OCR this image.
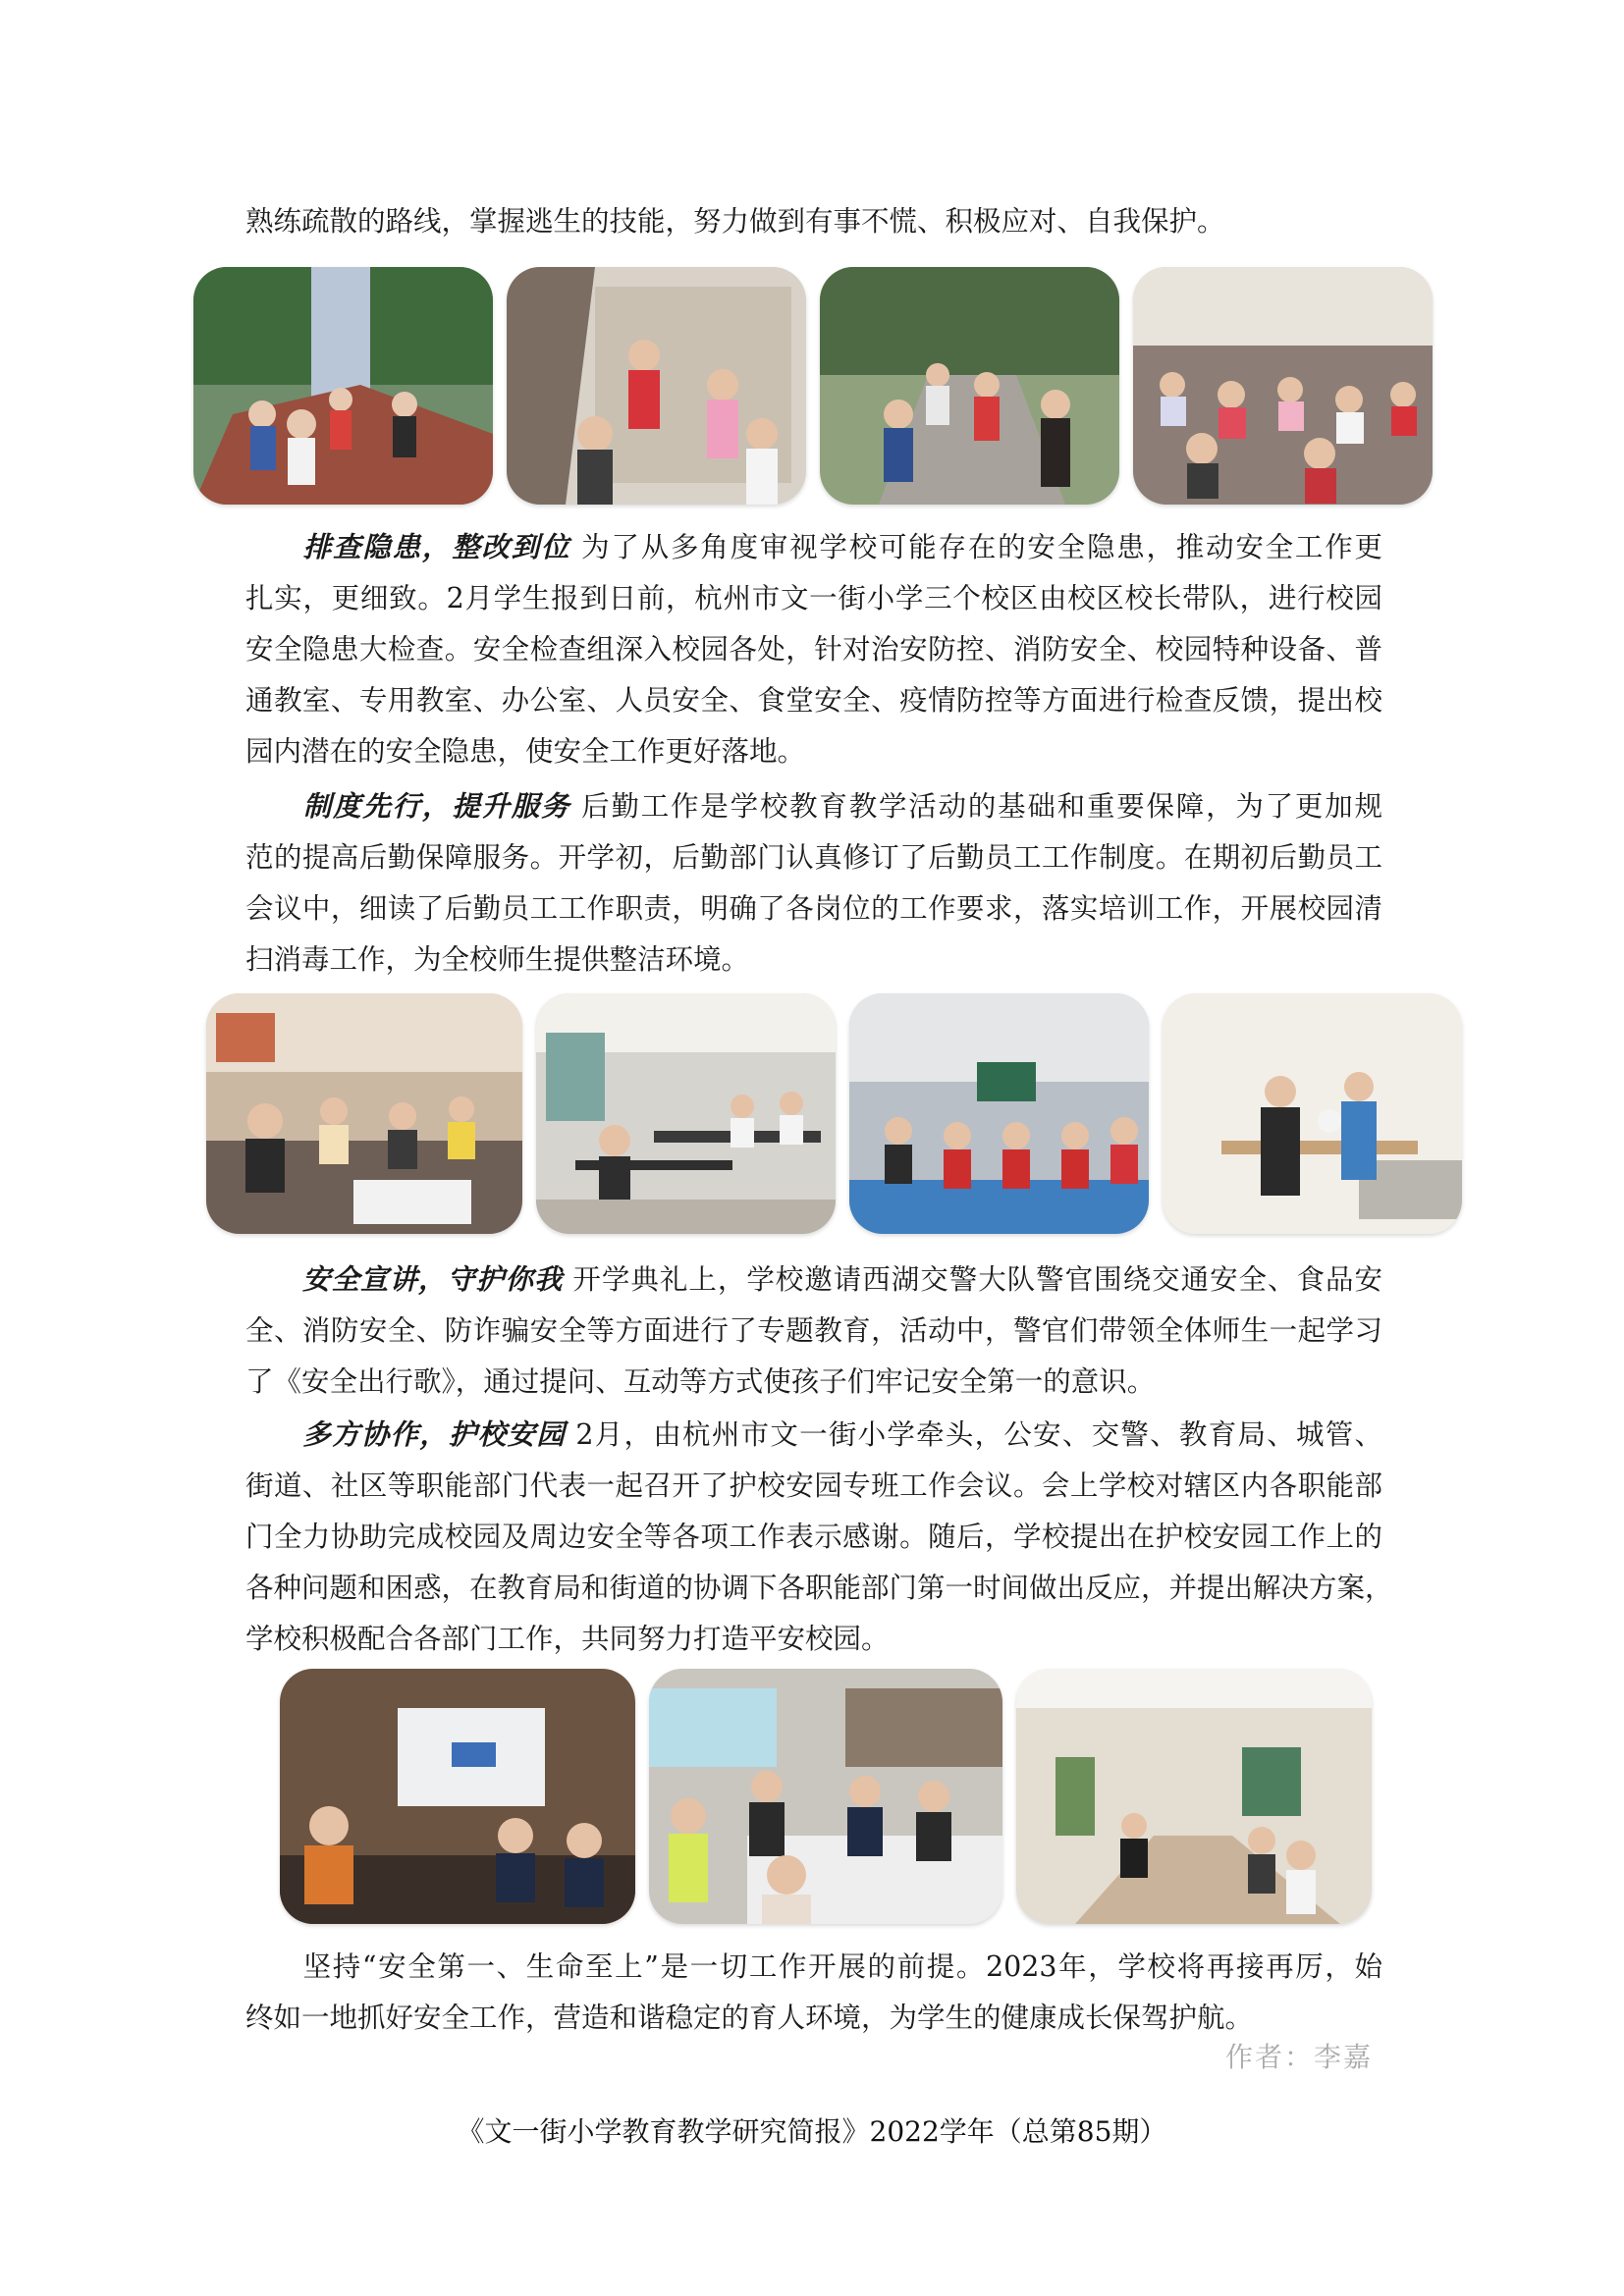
熟练疏散的路线，掌握逃生的技能，努力做到有事不慌、积极应对、自我保护。
排查隐患，整改到位 为了从多角度审视学校可能存在的安全隐患，推动安全工作更
扎实，更细致。2月学生报到日前，杭州市文一街小学三个校区由校区校长带队，进行校园
安全隐患大检查。安全检查组深入校园各处，针对治安防控、消防安全、校园特种设备、普
通教室、专用教室、办公室、人员安全、食堂安全、疫情防控等方面进行检查反馈，提出校
园内潜在的安全隐患，使安全工作更好落地。
制度先行，提升服务 后勤工作是学校教育教学活动的基础和重要保障，为了更加规
范的提高后勤保障服务。开学初，后勤部门认真修订了后勤员工工作制度。在期初后勤员工
会议中，细读了后勤员工工作职责，明确了各岗位的工作要求，落实培训工作，开展校园清
扫消毒工作，为全校师生提供整洁环境。
安全宣讲，守护你我 开学典礼上，学校邀请西湖交警大队警官围绕交通安全、食品安
全、消防安全、防诈骗安全等方面进行了专题教育，活动中，警官们带领全体师生一起学习
了《安全出行歌》，通过提问、互动等方式使孩子们牢记安全第一的意识。
多方协作，护校安园 2月，由杭州市文一街小学牵头，公安、交警、教育局、城管、
街道、社区等职能部门代表一起召开了护校安园专班工作会议。会上学校对辖区内各职能部
门全力协助完成校园及周边安全等各项工作表示感谢。随后，学校提出在护校安园工作上的
各种问题和困惑，在教育局和街道的协调下各职能部门第一时间做出反应，并提出解决方案，
学校积极配合各部门工作，共同努力打造平安校园。
坚持“安全第一、生命至上”是一切工作开展的前提。2023年，学校将再接再厉，始
终如一地抓好安全工作，营造和谐稳定的育人环境，为学生的健康成长保驾护航。
作者：李嘉
《文一街小学教育教学研究简报》2022学年（总第85期）
